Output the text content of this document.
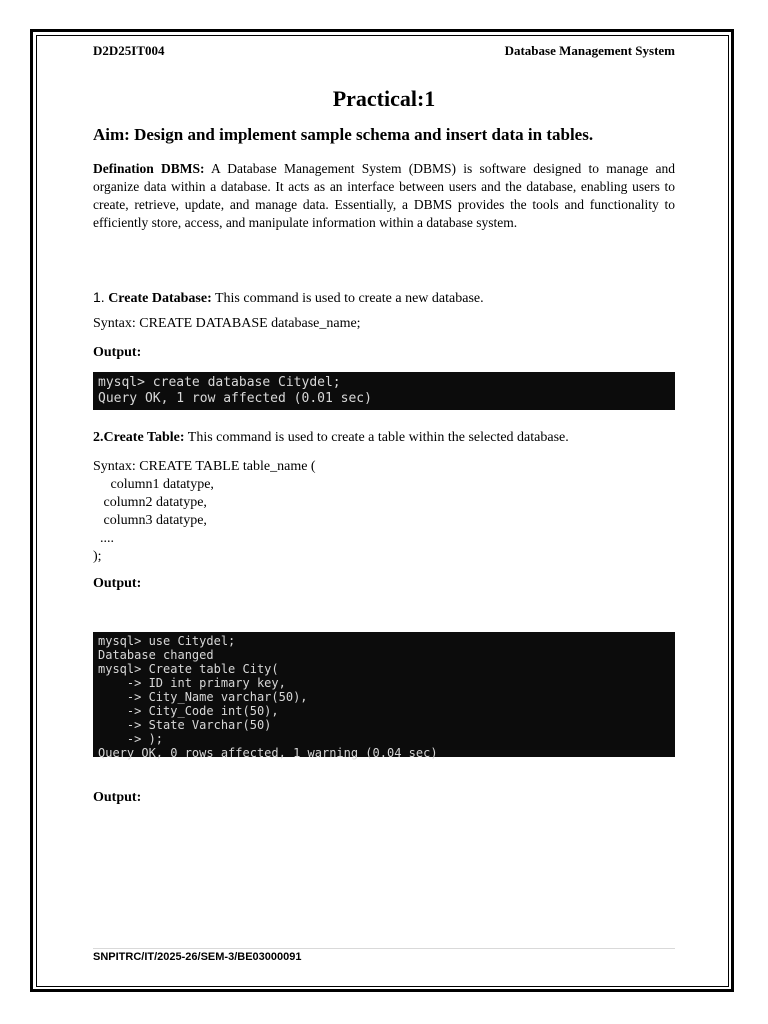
D2D25IT004	Database Management System
Practical:1
Aim: Design and implement sample schema and insert data in tables.
Defination DBMS: A Database Management System (DBMS) is software designed to manage and organize data within a database. It acts as an interface between users and the database, enabling users to create, retrieve, update, and manage data. Essentially, a DBMS provides the tools and functionality to efficiently store, access, and manipulate information within a database system.
1. Create Database: This command is used to create a new database.
Syntax: CREATE DATABASE database_name;
Output:
mysql> create database Citydel;
Query OK, 1 row affected (0.01 sec)
2.Create Table: This command is used to create a table within the selected database.
Syntax: CREATE TABLE table_name (
column1 datatype,
column2 datatype,
column3 datatype,
....
);
Output:
mysql> use Citydel;
Database changed
mysql> Create table City(
-> ID int primary key,
-> City_Name varchar(50),
-> City_Code int(50),
-> State Varchar(50)
-> );
Query OK, 0 rows affected, 1 warning (0.04 sec)
Output:
SNPITRC/IT/2025-26/SEM-3/BE03000091
